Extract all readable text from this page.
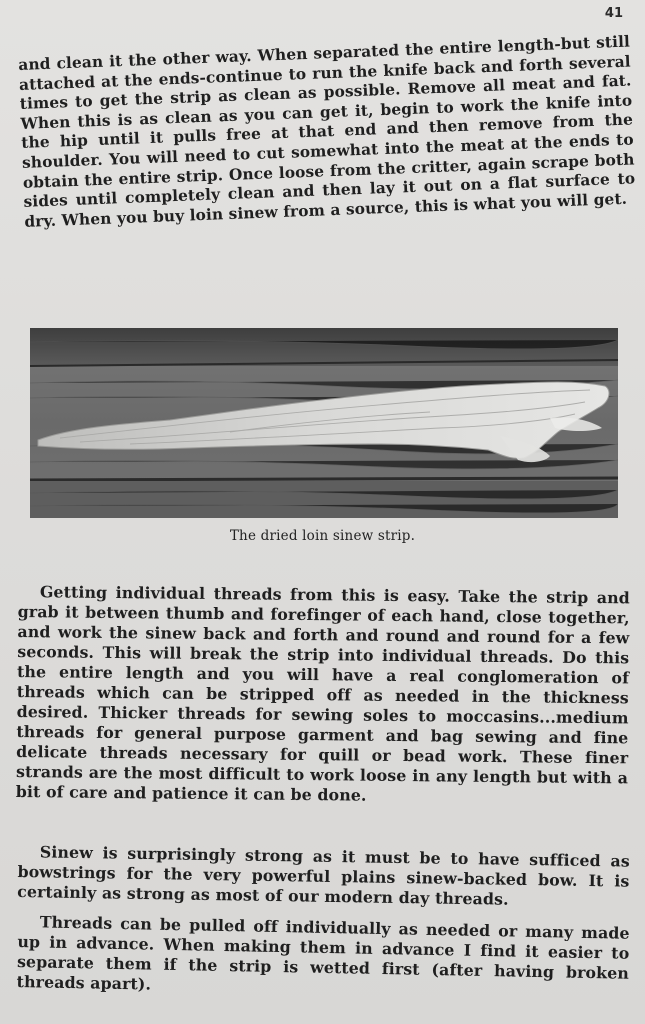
41

and clean it the other way. When separated the entire length-but still attached at the ends-continue to run the knife back and forth several times to get the strip as clean as possible. Remove all meat and fat. When this is as clean as you can get it, begin to work the knife into the hip until it pulls free at that end and then remove from the shoulder. You will need to cut somewhat into the meat at the ends to obtain the entire strip. Once loose from the critter, again scrape both sides until completely clean and then lay it out on a flat surface to dry. When you buy loin sinew from a source, this is what you will get.

The dried loin sinew strip.

Getting individual threads from this is easy. Take the strip and grab it between thumb and forefinger of each hand, close together, and work the sinew back and forth and round and round for a few seconds. This will break the strip into individual threads. Do this the entire length and you will have a real conglomeration of threads which can be stripped off as needed in the thickness desired. Thicker threads for sewing soles to moccasins...medium threads for general purpose garment and bag sewing and fine delicate threads necessary for quill or bead work. These finer strands are the most difficult to work loose in any length but with a bit of care and patience it can be done.

Sinew is surprisingly strong as it must be to have sufficed as bowstrings for the very powerful plains sinew-backed bow. It is certainly as strong as most of our modern day threads.

Threads can be pulled off individually as needed or many made up in advance. When making them in advance I find it easier to separate them if the strip is wetted first (after having broken threads apart).
